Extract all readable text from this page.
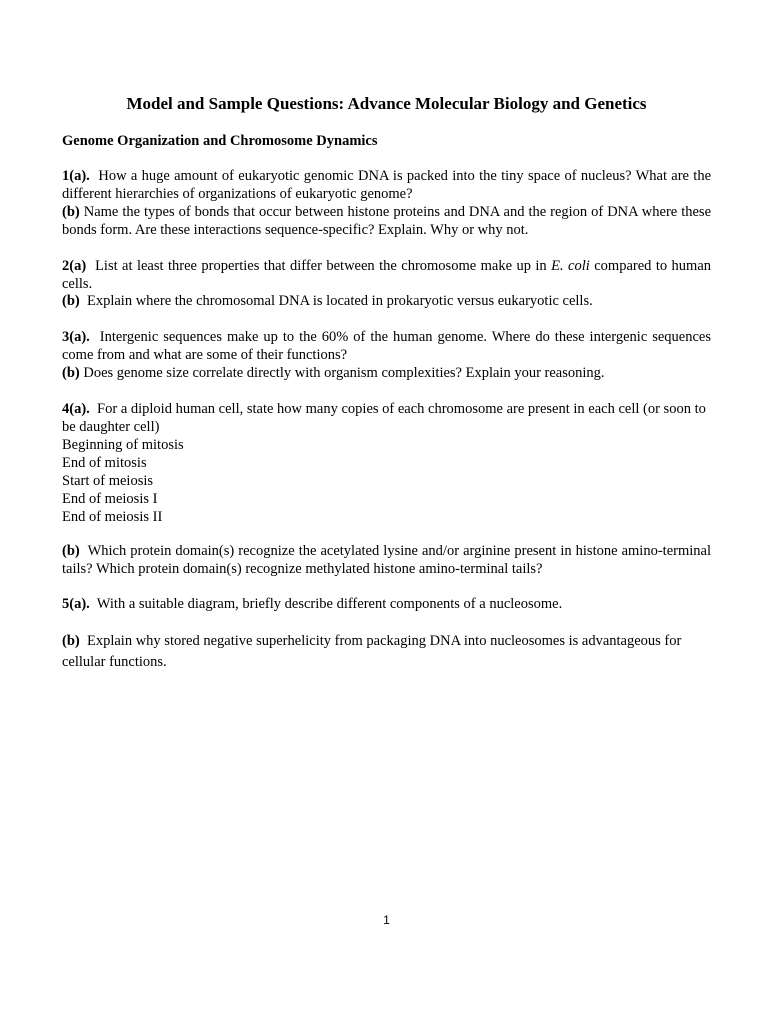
Model and Sample Questions: Advance Molecular Biology and Genetics
Genome Organization and Chromosome Dynamics
1(a). How a huge amount of eukaryotic genomic DNA is packed into the tiny space of nucleus? What are the different hierarchies of organizations of eukaryotic genome?
(b) Name the types of bonds that occur between histone proteins and DNA and the region of DNA where these bonds form. Are these interactions sequence-specific? Explain. Why or why not.
2(a) List at least three properties that differ between the chromosome make up in E. coli compared to human cells.
(b) Explain where the chromosomal DNA is located in prokaryotic versus eukaryotic cells.
3(a). Intergenic sequences make up to the 60% of the human genome. Where do these intergenic sequences come from and what are some of their functions?
(b) Does genome size correlate directly with organism complexities? Explain your reasoning.
4(a). For a diploid human cell, state how many copies of each chromosome are present in each cell (or soon to be daughter cell)
Beginning of mitosis
End of mitosis
Start of meiosis
End of meiosis I
End of meiosis II
(b) Which protein domain(s) recognize the acetylated lysine and/or arginine present in histone amino-terminal tails? Which protein domain(s) recognize methylated histone amino-terminal tails?
5(a). With a suitable diagram, briefly describe different components of a nucleosome.
(b) Explain why stored negative superhelicity from packaging DNA into nucleosomes is advantageous for cellular functions.
1
